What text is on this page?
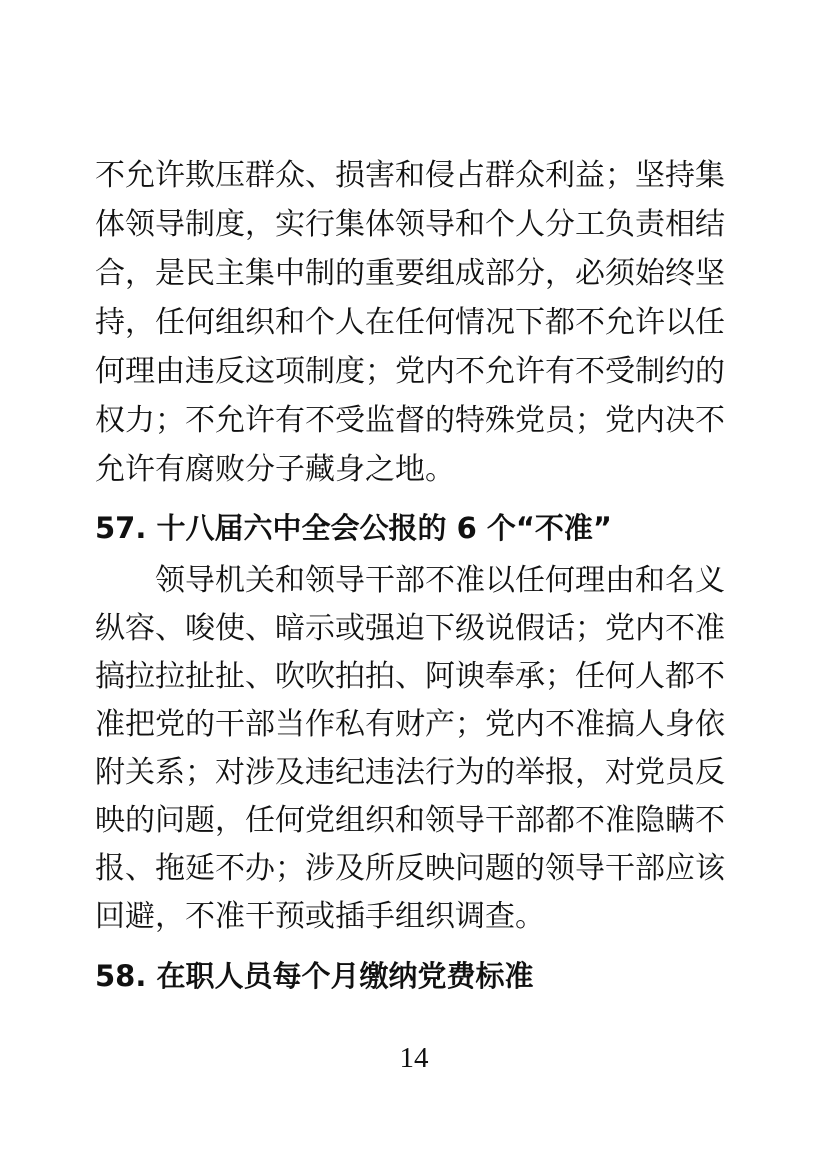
不允许欺压群众、损害和侵占群众利益；坚持集
体领导制度，实行集体领导和个人分工负责相结
合，是民主集中制的重要组成部分，必须始终坚
持，任何组织和个人在任何情况下都不允许以任
何理由违反这项制度；党内不允许有不受制约的
权力；不允许有不受监督的特殊党员；党内决不
允许有腐败分子藏身之地。
57. 十八届六中全会公报的 6 个“不准”
领导机关和领导干部不准以任何理由和名义
纵容、唆使、暗示或强迫下级说假话；党内不准
搞拉拉扯扯、吹吹拍拍、阿谀奉承；任何人都不
准把党的干部当作私有财产；党内不准搞人身依
附关系；对涉及违纪违法行为的举报，对党员反
映的问题，任何党组织和领导干部都不准隐瞒不
报、拖延不办；涉及所反映问题的领导干部应该
回避，不准干预或插手组织调查。
58. 在职人员每个月缴纳党费标准
14
